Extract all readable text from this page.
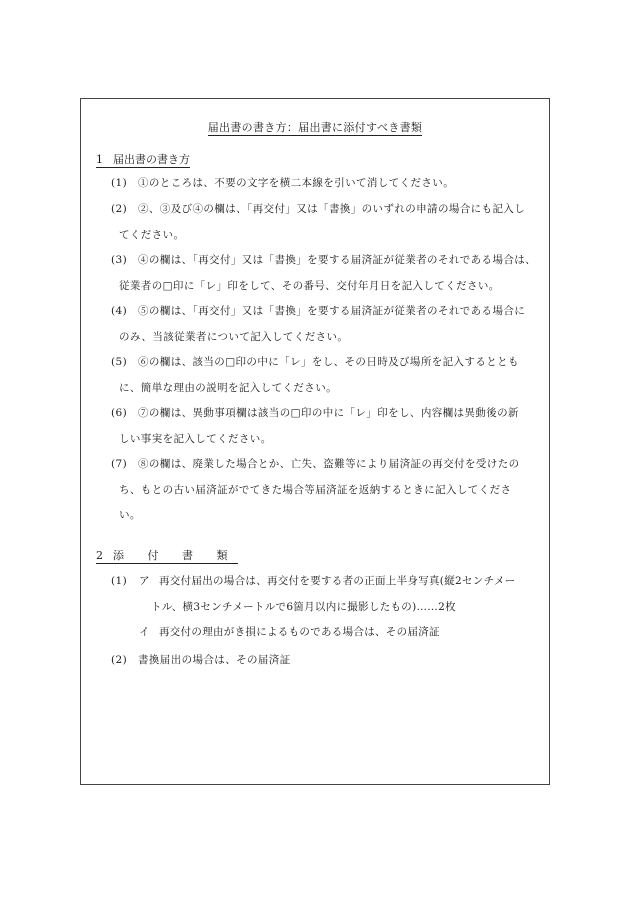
届出書の書き方：届出書に添付すべき書類
1 届出書の書き方
(1)	①のところは、不要の文字を横二本線を引いて消してください。
(2)	②、③及び④の欄は、「再交付」又は「書換」のいずれの申請の場合にも記入し
てください。
(3)	④の欄は、「再交付」又は「書換」を要する届済証が従業者のそれである場合は、
従業者の□印に「レ」印をして、その番号、交付年月日を記入してください。
(4)	⑤の欄は、「再交付」又は「書換」を要する届済証が従業者のそれである場合に
のみ、当該従業者について記入してください。
(5)	⑥の欄は、該当の□印の中に「レ」をし、その日時及び場所を記入するととも
に、簡単な理由の説明を記入してください。
(6)	⑦の欄は、異動事項欄は該当の□印の中に「レ」印をし、内容欄は異動後の新
しい事実を記入してください。
(7)	⑧の欄は、廃業した場合とか、亡失、盗難等により届済証の再交付を受けたの
ち、もとの古い届済証がでてきた場合等届済証を返納するときに記入してくださ
い。
2 添 付 書 類
(1) ア 再交付届出の場合は、再交付を要する者の正面上半身写真(縦2センチメー
トル、横3センチメートルで6箇月以内に撮影したもの)……2枚
イ 再交付の理由がき損によるものである場合は、その届済証
(2)	書換届出の場合は、その届済証
